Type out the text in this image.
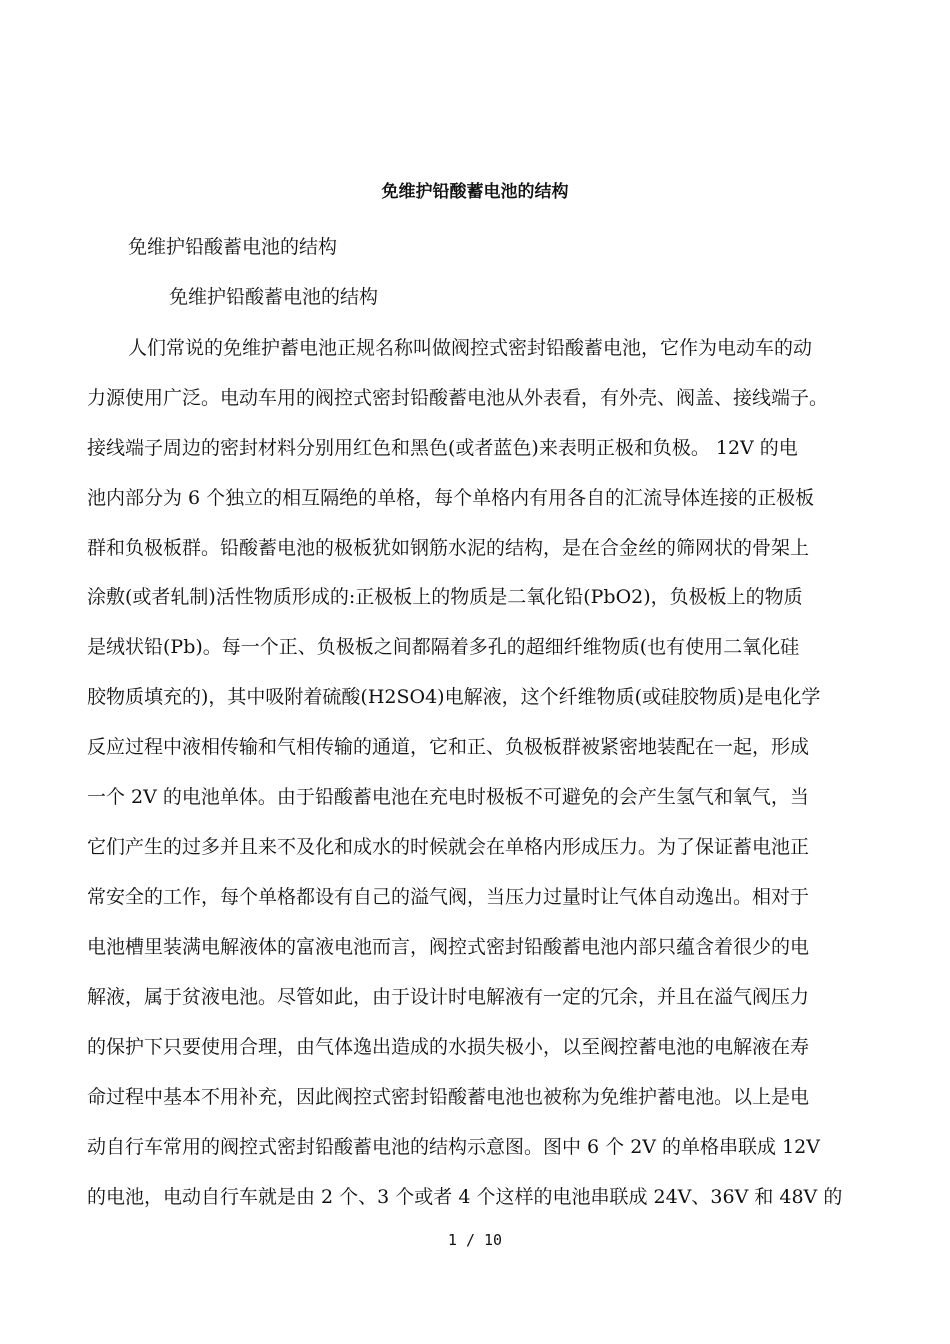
免维护铅酸蓄电池的结构
免维护铅酸蓄电池的结构
免维护铅酸蓄电池的结构
人们常说的免维护蓄电池正规名称叫做阀控式密封铅酸蓄电池，它作为电动车的动
力源使用广泛。电动车用的阀控式密封铅酸蓄电池从外表看，有外壳、阀盖、接线端子。
接线端子周边的密封材料分别用红色和黑色(或者蓝色)来表明正极和负极。 12V 的电
池内部分为 6 个独立的相互隔绝的单格，每个单格内有用各自的汇流导体连接的正极板
群和负极板群。铅酸蓄电池的极板犹如钢筋水泥的结构，是在合金丝的筛网状的骨架上
涂敷(或者轧制)活性物质形成的:正极板上的物质是二氧化铅(PbO2)，负极板上的物质
是绒状铅(Pb)。每一个正、负极板之间都隔着多孔的超细纤维物质(也有使用二氧化硅
胶物质填充的)，其中吸附着硫酸(H2SO4)电解液，这个纤维物质(或硅胶物质)是电化学
反应过程中液相传输和气相传输的通道，它和正、负极板群被紧密地装配在一起，形成
一个 2V 的电池单体。由于铅酸蓄电池在充电时极板不可避免的会产生氢气和氧气，当
它们产生的过多并且来不及化和成水的时候就会在单格内形成压力。为了保证蓄电池正
常安全的工作，每个单格都设有自己的溢气阀，当压力过量时让气体自动逸出。相对于
电池槽里装满电解液体的富液电池而言，阀控式密封铅酸蓄电池内部只蕴含着很少的电
解液，属于贫液电池。尽管如此，由于设计时电解液有一定的冗余，并且在溢气阀压力
的保护下只要使用合理，由气体逸出造成的水损失极小，以至阀控蓄电池的电解液在寿
命过程中基本不用补充，因此阀控式密封铅酸蓄电池也被称为免维护蓄电池。以上是电
动自行车常用的阀控式密封铅酸蓄电池的结构示意图。图中 6 个 2V 的单格串联成 12V
的电池，电动自行车就是由 2 个、3 个或者 4 个这样的电池串联成 24V、36V 和 48V 的
1 / 10
